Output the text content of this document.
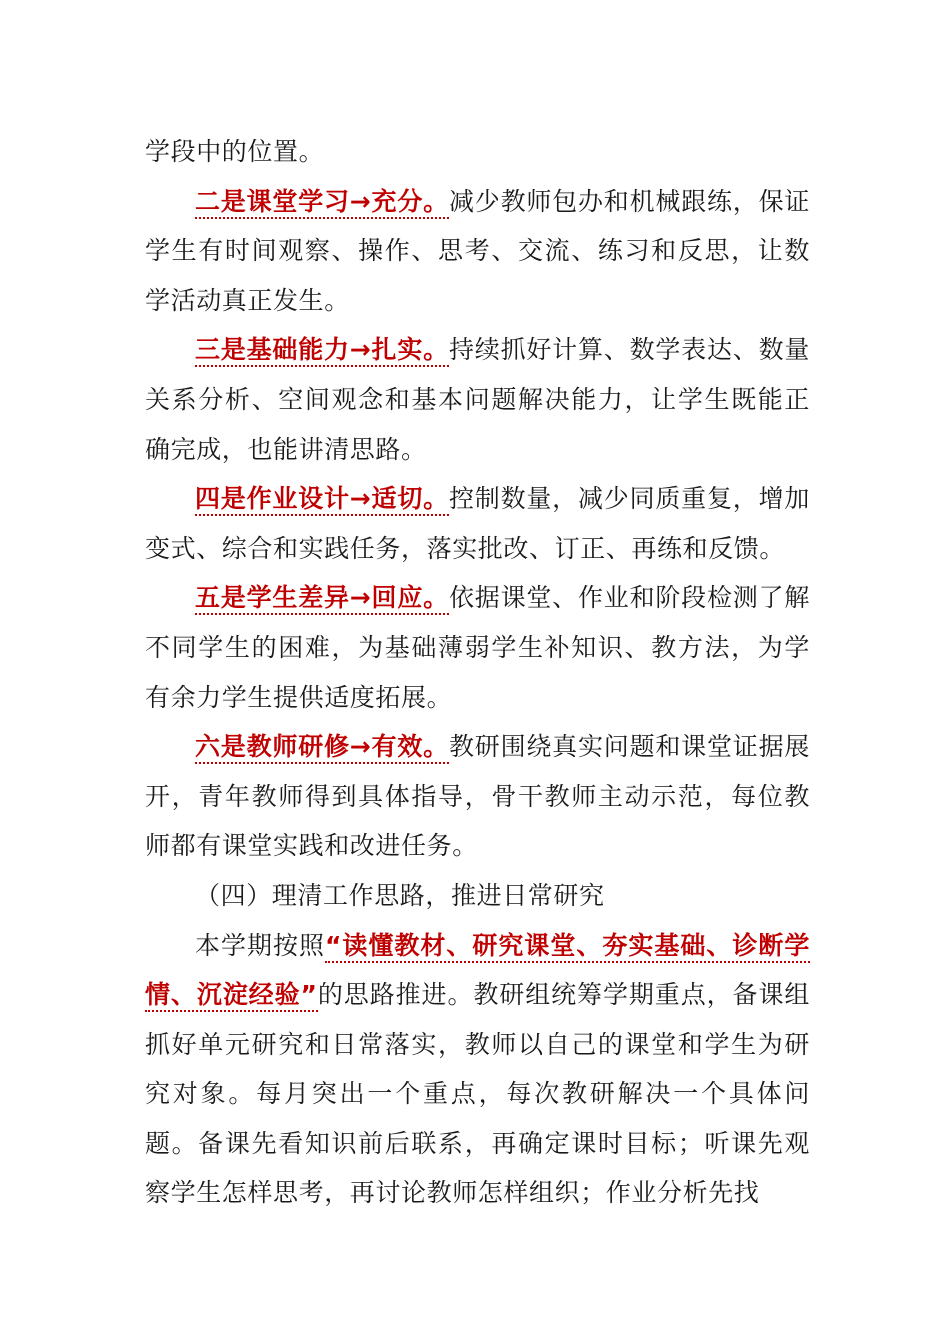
学段中的位置。

二是课堂学习→充分。减少教师包办和机械跟练，保证学生有时间观察、操作、思考、交流、练习和反思，让数学活动真正发生。

三是基础能力→扎实。持续抓好计算、数学表达、数量关系分析、空间观念和基本问题解决能力，让学生既能正确完成，也能讲清思路。

四是作业设计→适切。控制数量，减少同质重复，增加变式、综合和实践任务，落实批改、订正、再练和反馈。

五是学生差异→回应。依据课堂、作业和阶段检测了解不同学生的困难，为基础薄弱学生补知识、教方法，为学有余力学生提供适度拓展。

六是教师研修→有效。教研围绕真实问题和课堂证据展开，青年教师得到具体指导，骨干教师主动示范，每位教师都有课堂实践和改进任务。

（四）理清工作思路，推进日常研究

本学期按照“读懂教材、研究课堂、夯实基础、诊断学情、沉淀经验”的思路推进。教研组统筹学期重点，备课组抓好单元研究和日常落实，教师以自己的课堂和学生为研究对象。每月突出一个重点，每次教研解决一个具体问题。备课先看知识前后联系，再确定课时目标；听课先观察学生怎样思考，再讨论教师怎样组织；作业分析先找
